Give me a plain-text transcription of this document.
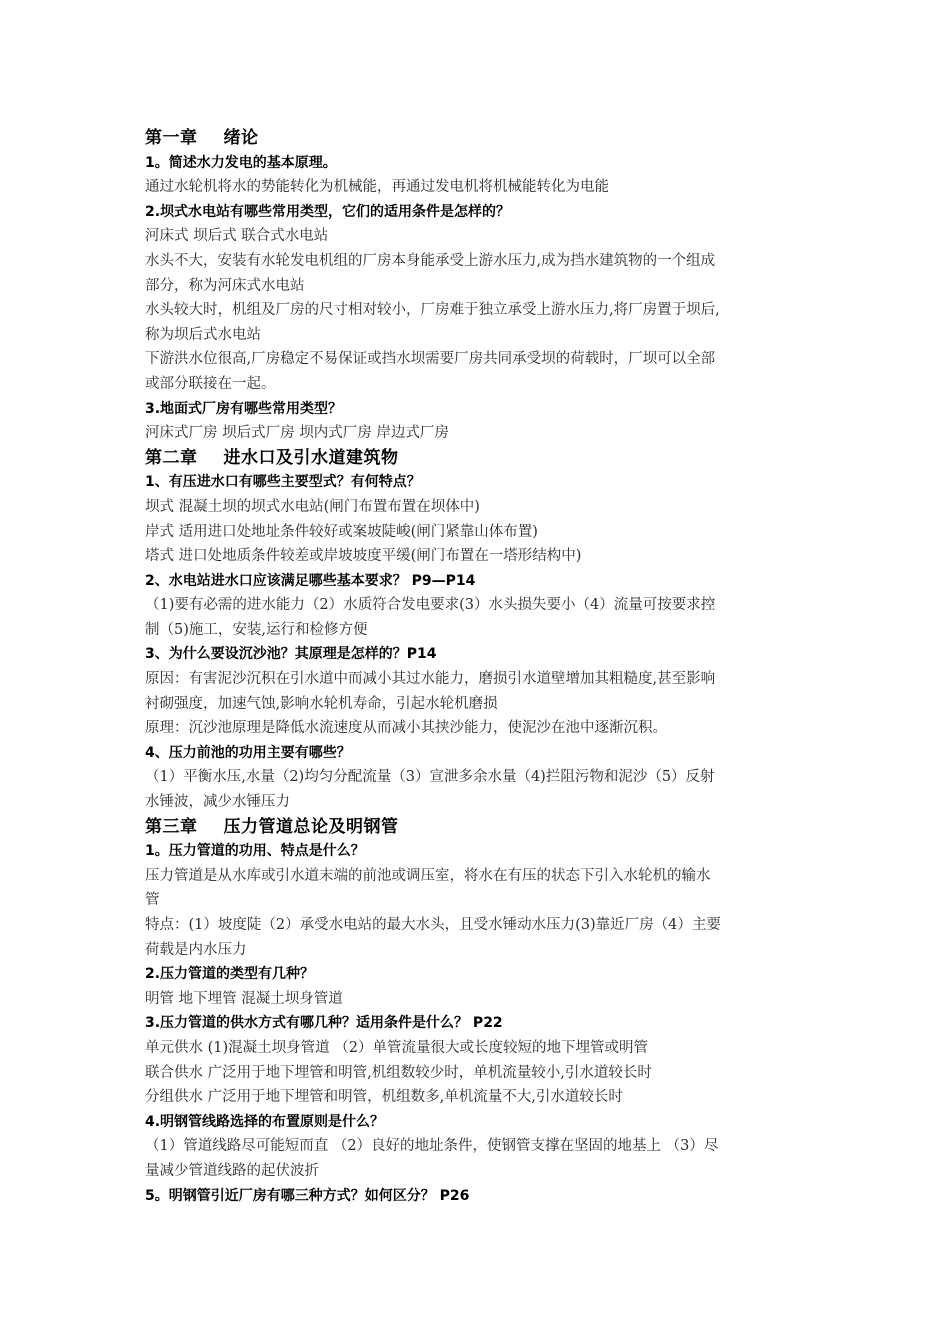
第一章 绪论
1。简述水力发电的基本原理。
通过水轮机将水的势能转化为机械能，再通过发电机将机械能转化为电能
2.坝式水电站有哪些常用类型，它们的适用条件是怎样的？
河床式 坝后式 联合式水电站
水头不大，安装有水轮发电机组的厂房本身能承受上游水压力,成为挡水建筑物的一个组成
部分，称为河床式水电站
水头较大时，机组及厂房的尺寸相对较小，厂房难于独立承受上游水压力,将厂房置于坝后,
称为坝后式水电站
下游洪水位很高,厂房稳定不易保证或挡水坝需要厂房共同承受坝的荷载时，厂坝可以全部
或部分联接在一起。
3.地面式厂房有哪些常用类型？
河床式厂房 坝后式厂房 坝内式厂房 岸边式厂房
第二章 进水口及引水道建筑物
1、有压进水口有哪些主要型式？有何特点？
坝式 混凝土坝的坝式水电站(闸门布置布置在坝体中)
岸式 适用进口处地址条件较好或案坡陡峻(闸门紧靠山体布置)
塔式 进口处地质条件较差或岸坡坡度平缓(闸门布置在一塔形结构中)
2、水电站进水口应该满足哪些基本要求？ P9—P14
（1)要有必需的进水能力（2）水质符合发电要求(3）水头损失要小（4）流量可按要求控
制（5)施工，安装,运行和检修方便
3、为什么要设沉沙池？其原理是怎样的？P14
原因：有害泥沙沉积在引水道中而减小其过水能力，磨损引水道壁增加其粗糙度,甚至影响
衬砌强度，加速气蚀,影响水轮机寿命，引起水轮机磨损
原理：沉沙池原理是降低水流速度从而减小其挟沙能力，使泥沙在池中逐渐沉积。
4、压力前池的功用主要有哪些？
（1）平衡水压,水量（2)均匀分配流量（3）宣泄多余水量（4)拦阻污物和泥沙（5）反射
水锤波，减少水锤压力
第三章 压力管道总论及明钢管
1。压力管道的功用、特点是什么？
压力管道是从水库或引水道末端的前池或调压室，将水在有压的状态下引入水轮机的输水
管
特点：(1）坡度陡（2）承受水电站的最大水头，且受水锤动水压力(3)靠近厂房（4）主要
荷载是内水压力
2.压力管道的类型有几种？
明管 地下埋管 混凝土坝身管道
3.压力管道的供水方式有哪几种？适用条件是什么？ P22
单元供水 (1)混凝土坝身管道 （2）单管流量很大或长度较短的地下埋管或明管
联合供水 广泛用于地下埋管和明管,机组数较少时，单机流量较小,引水道较长时
分组供水 广泛用于地下埋管和明管，机组数多,单机流量不大,引水道较长时
4.明钢管线路选择的布置原则是什么？
（1）管道线路尽可能短而直 （2）良好的地址条件，使钢管支撑在坚固的地基上 （3）尽
量减少管道线路的起伏波折
5。明钢管引近厂房有哪三种方式？如何区分？ P26
